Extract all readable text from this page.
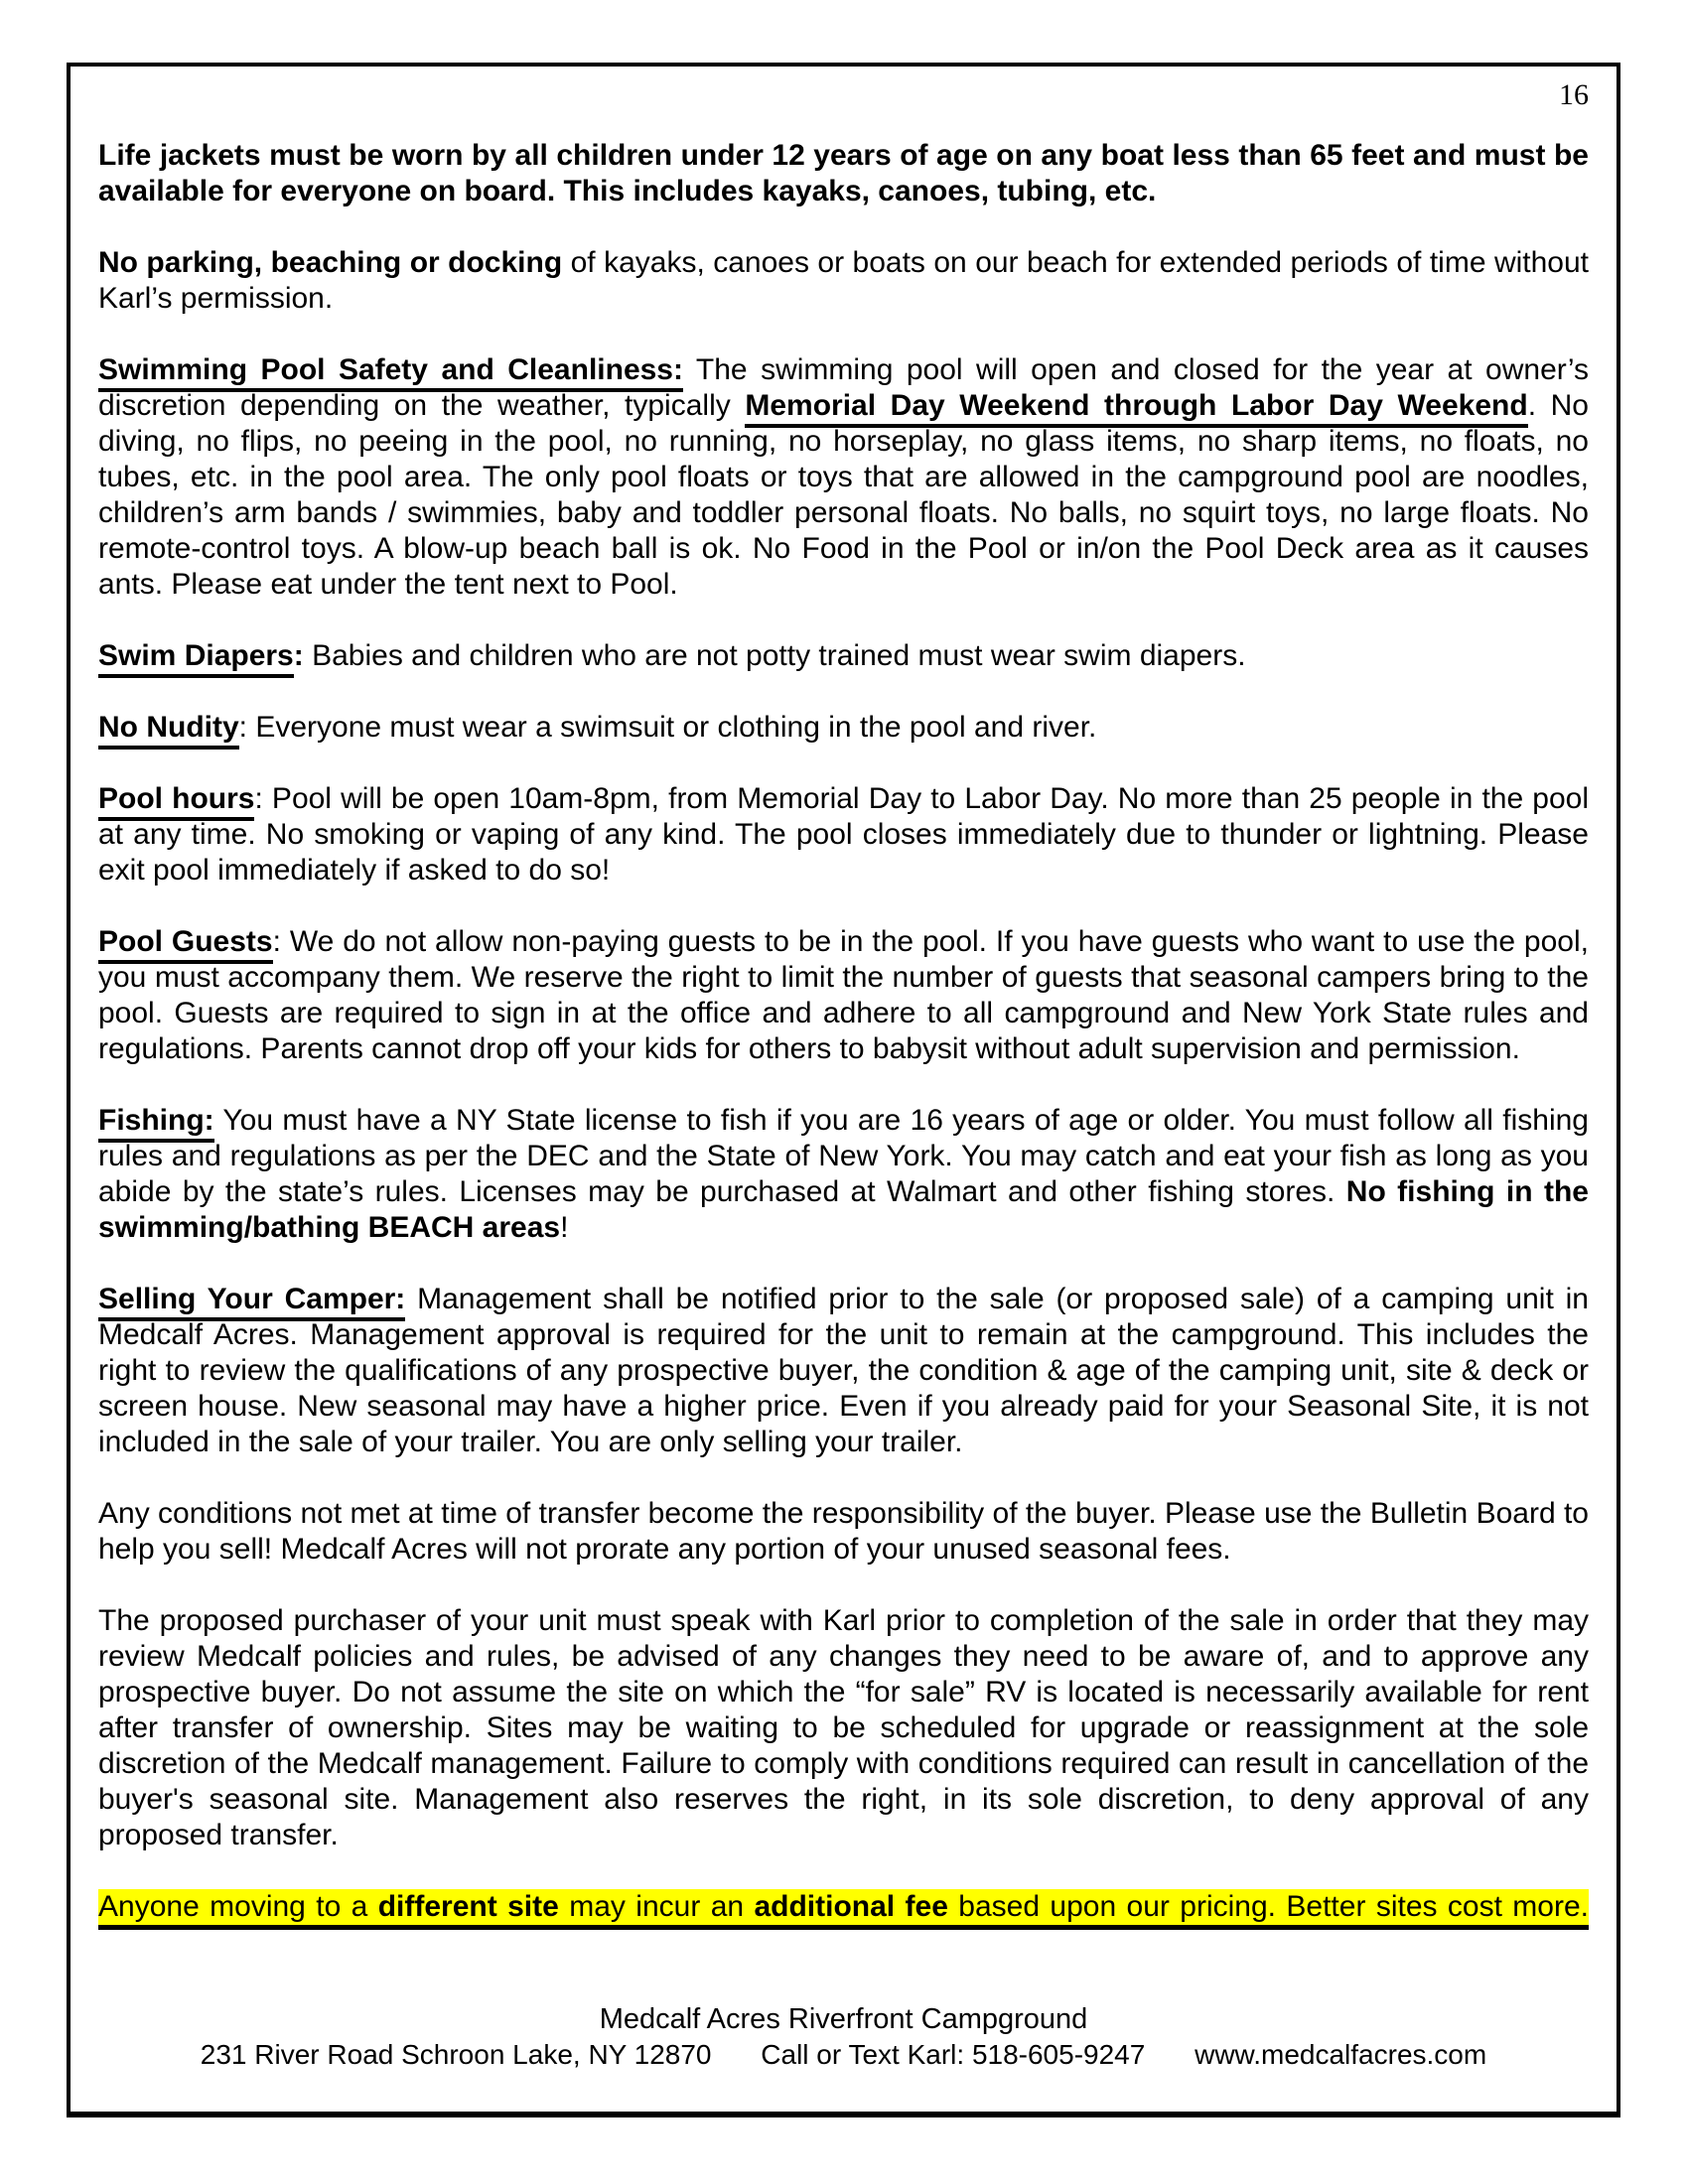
16

Life jackets must be worn by all children under 12 years of age on any boat less than 65 feet and must be available for everyone on board. This includes kayaks, canoes, tubing, etc.

No parking, beaching or docking of kayaks, canoes or boats on our beach for extended periods of time without Karl’s permission.

Swimming Pool Safety and Cleanliness: The swimming pool will open and closed for the year at owner’s discretion depending on the weather, typically Memorial Day Weekend through Labor Day Weekend. No diving, no flips, no peeing in the pool, no running, no horseplay, no glass items, no sharp items, no floats, no tubes, etc. in the pool area. The only pool floats or toys that are allowed in the campground pool are noodles, children’s arm bands / swimmies, baby and toddler personal floats. No balls, no squirt toys, no large floats. No remote-control toys. A blow-up beach ball is ok. No Food in the Pool or in/on the Pool Deck area as it causes ants. Please eat under the tent next to Pool.

Swim Diapers: Babies and children who are not potty trained must wear swim diapers.

No Nudity: Everyone must wear a swimsuit or clothing in the pool and river.

Pool hours: Pool will be open 10am-8pm, from Memorial Day to Labor Day. No more than 25 people in the pool at any time. No smoking or vaping of any kind. The pool closes immediately due to thunder or lightning. Please exit pool immediately if asked to do so!

Pool Guests: We do not allow non-paying guests to be in the pool. If you have guests who want to use the pool, you must accompany them. We reserve the right to limit the number of guests that seasonal campers bring to the pool. Guests are required to sign in at the office and adhere to all campground and New York State rules and regulations. Parents cannot drop off your kids for others to babysit without adult supervision and permission.

Fishing: You must have a NY State license to fish if you are 16 years of age or older. You must follow all fishing rules and regulations as per the DEC and the State of New York. You may catch and eat your fish as long as you abide by the state’s rules. Licenses may be purchased at Walmart and other fishing stores. No fishing in the swimming/bathing BEACH areas!

Selling Your Camper: Management shall be notified prior to the sale (or proposed sale) of a camping unit in Medcalf Acres. Management approval is required for the unit to remain at the campground. This includes the right to review the qualifications of any prospective buyer, the condition & age of the camping unit, site & deck or screen house. New seasonal may have a higher price. Even if you already paid for your Seasonal Site, it is not included in the sale of your trailer. You are only selling your trailer.

Any conditions not met at time of transfer become the responsibility of the buyer. Please use the Bulletin Board to help you sell! Medcalf Acres will not prorate any portion of your unused seasonal fees.

The proposed purchaser of your unit must speak with Karl prior to completion of the sale in order that they may review Medcalf policies and rules, be advised of any changes they need to be aware of, and to approve any prospective buyer. Do not assume the site on which the “for sale” RV is located is necessarily available for rent after transfer of ownership. Sites may be waiting to be scheduled for upgrade or reassignment at the sole discretion of the Medcalf management. Failure to comply with conditions required can result in cancellation of the buyer's seasonal site. Management also reserves the right, in its sole discretion, to deny approval of any proposed transfer.

Anyone moving to a different site may incur an additional fee based upon our pricing. Better sites cost more.

Medcalf Acres Riverfront Campground
231 River Road Schroon Lake, NY 12870 Call or Text Karl: 518-605-9247 www.medcalfacres.com
